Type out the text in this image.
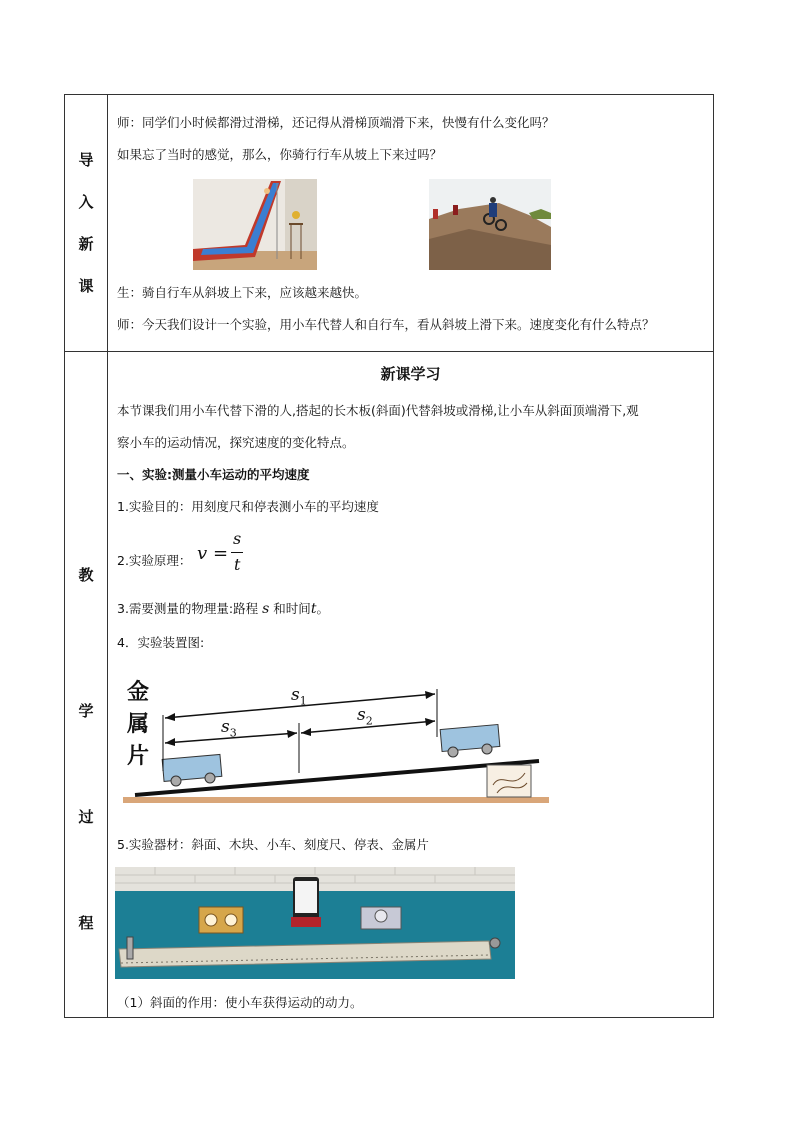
导
入
新
课
教
学
过
程
师：同学们小时候都滑过滑梯，还记得从滑梯顶端滑下来，快慢有什么变化吗？
如果忘了当时的感觉，那么，你骑行行车从坡上下来过吗？
生：骑自行车从斜坡上下来，应该越来越快。
师：今天我们设计一个实验，用小车代替人和自行车，看从斜坡上滑下来。速度变化有什么特点？
新课学习
本节课我们用小车代替下滑的人,搭起的长木板(斜面)代替斜坡或滑梯,让小车从斜面顶端滑下,观
察小车的运动情况，探究速度的变化特点。
一、实验:测量小车运动的平均速度
1.实验目的：用刻度尺和停表测小车的平均速度
2.实验原理： v =
s
t
3.需要测量的物理量:路程 s 和时间t。
4．实验装置图:
金
属
片
$s_1$
$s_3$
$s_2$
5.实验器材：斜面、木块、小车、刻度尺、停表、金属片
（1）斜面的作用：使小车获得运动的动力。
